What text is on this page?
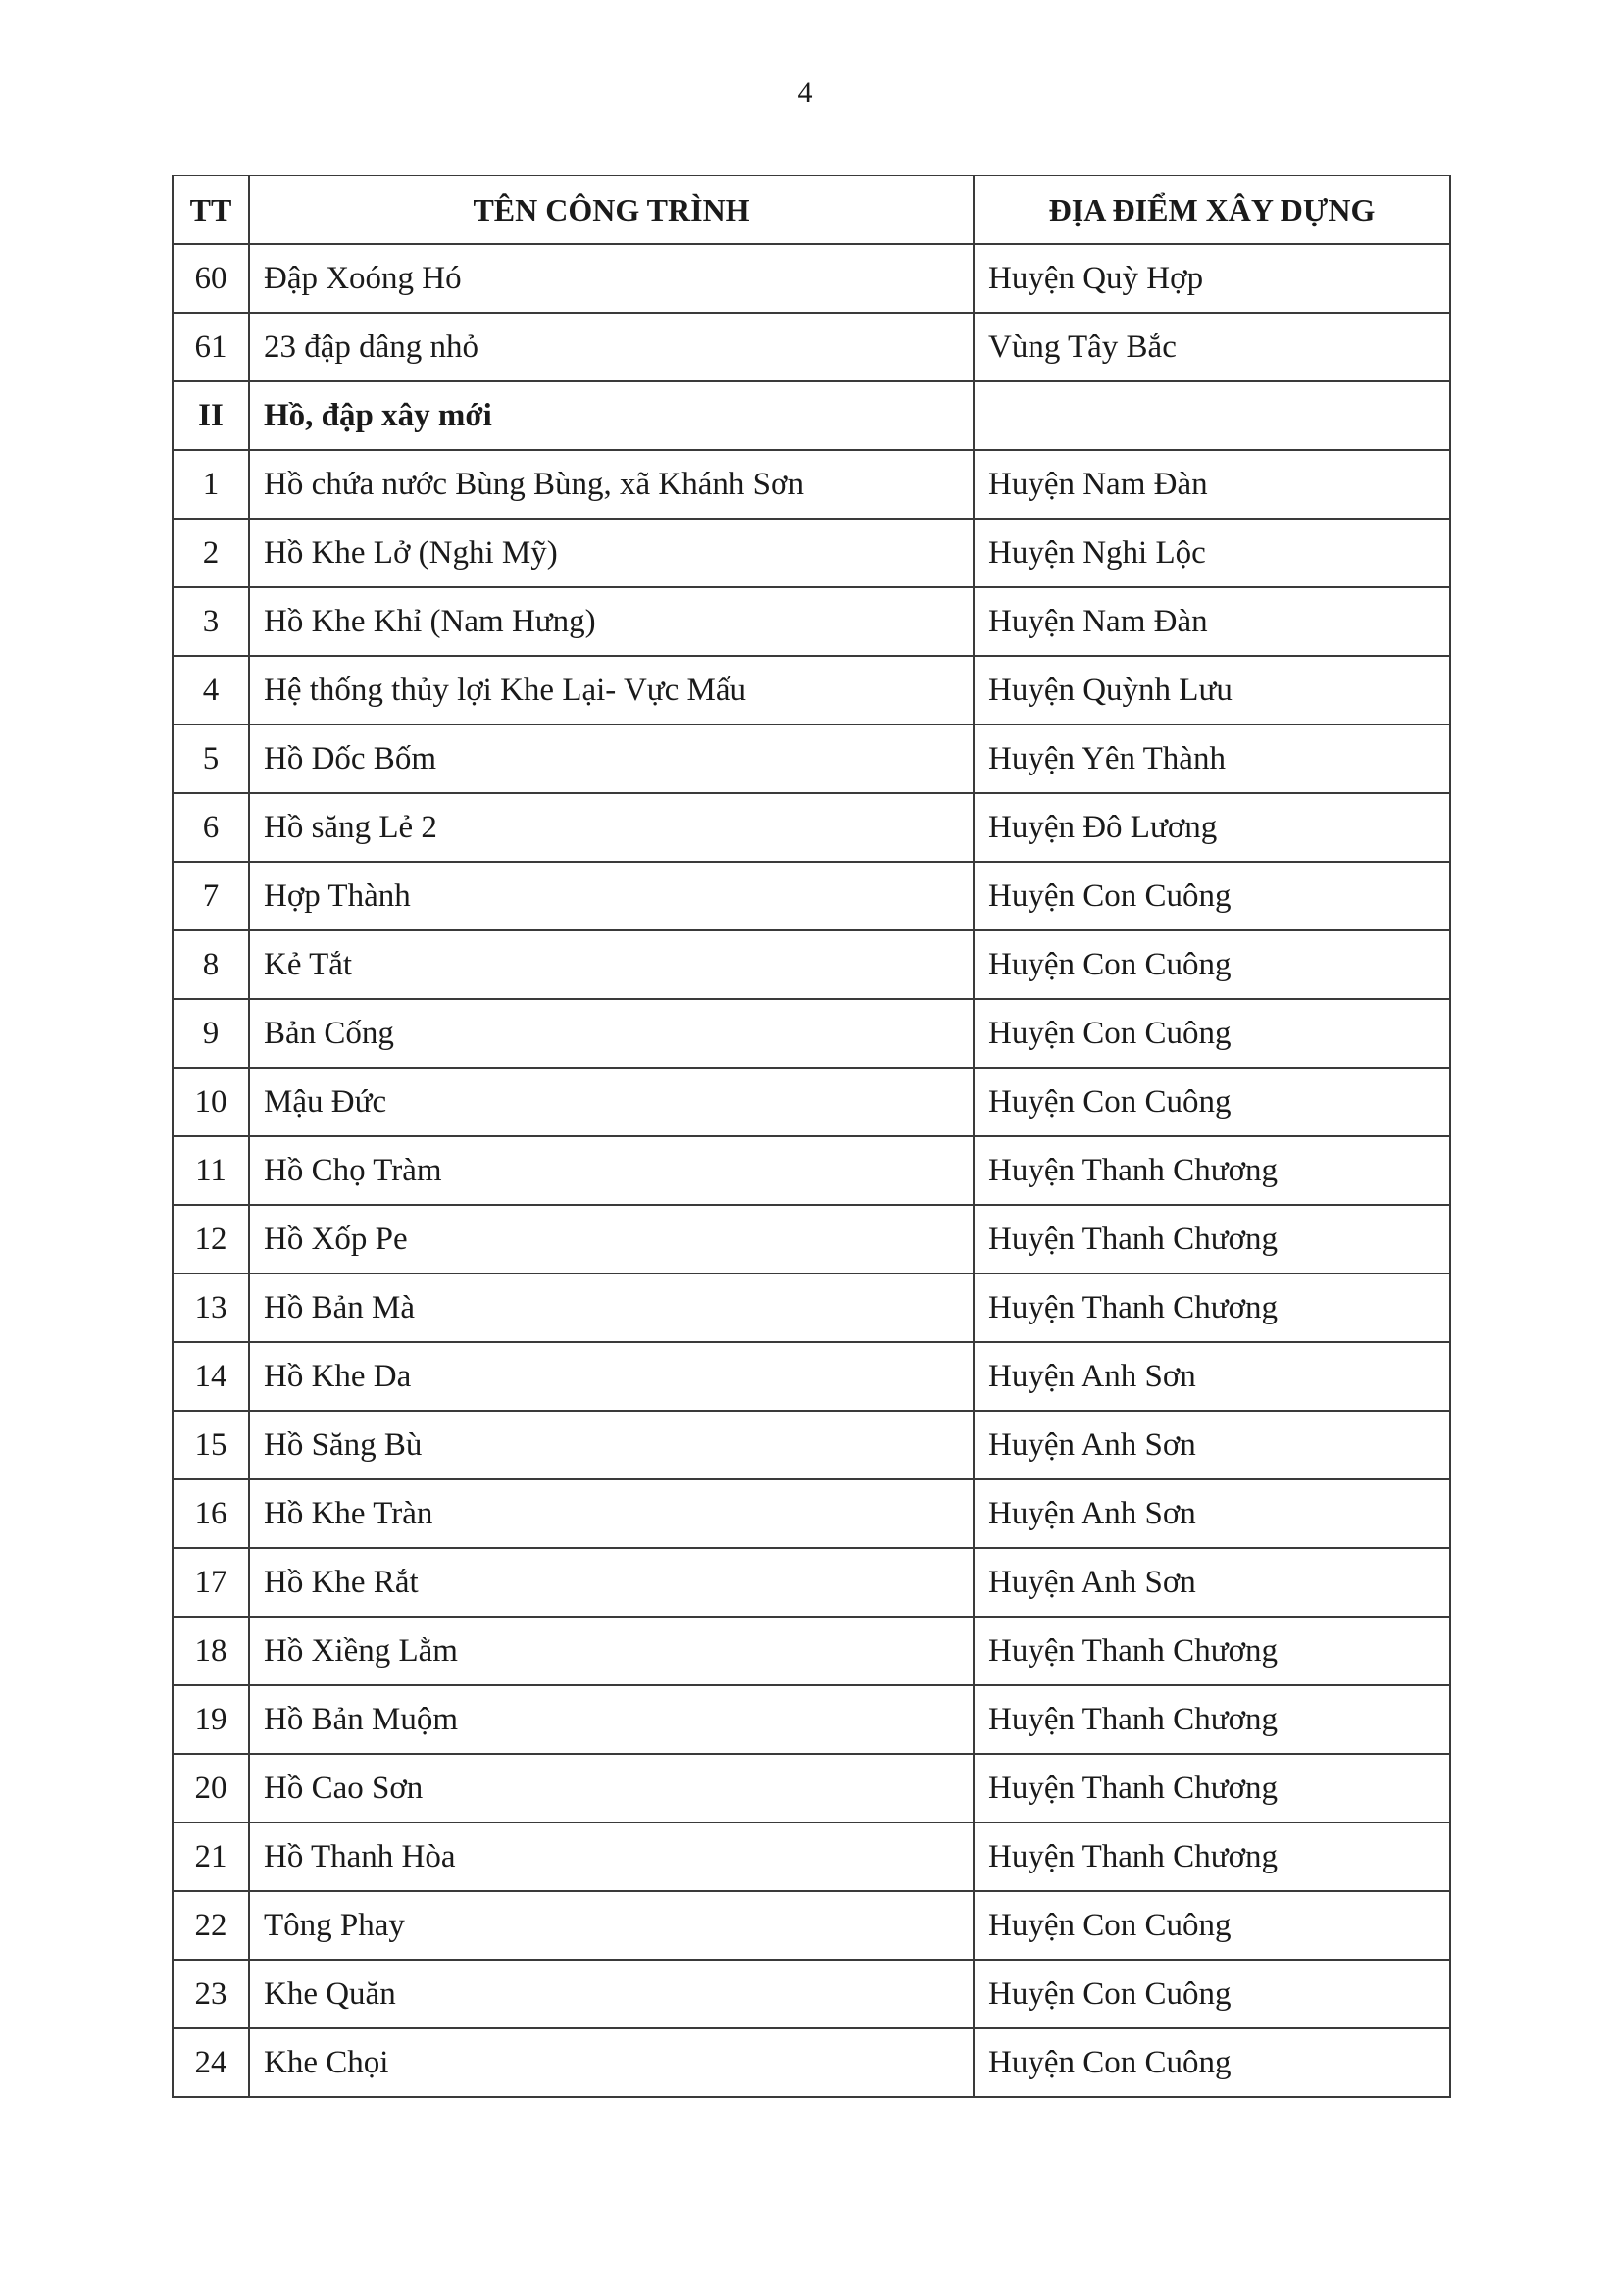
4
TT	TÊN CÔNG TRÌNH	ĐỊA ĐIỂM XÂY DỰNG
60	Đập Xoóng Hó	Huyện Quỳ Hợp
61	23 đập dâng nhỏ	Vùng Tây Bắc
II	Hồ, đập xây mới	
1	Hồ chứa nước Bùng Bùng, xã Khánh Sơn	Huyện Nam Đàn
2	Hồ Khe Lở (Nghi Mỹ)	Huyện Nghi Lộc
3	Hồ Khe Khỉ (Nam Hưng)	Huyện Nam Đàn
4	Hệ thống thủy lợi Khe Lại- Vực Mấu	Huyện Quỳnh Lưu
5	Hồ Dốc Bốm	Huyện Yên Thành
6	Hồ săng Lẻ 2	Huyện Đô Lương
7	Hợp Thành	Huyện Con Cuông
8	Kẻ Tắt	Huyện Con Cuông
9	Bản Cống	Huyện Con Cuông
10	Mậu Đức	Huyện Con Cuông
11	Hồ Chọ Tràm	Huyện Thanh Chương
12	Hồ Xốp Pe	Huyện Thanh Chương
13	Hồ Bản Mà	Huyện Thanh Chương
14	Hồ Khe Da	Huyện Anh Sơn
15	Hồ Săng Bù	Huyện Anh Sơn
16	Hồ Khe Tràn	Huyện Anh Sơn
17	Hồ Khe Rắt	Huyện Anh Sơn
18	Hồ Xiềng Lằm	Huyện Thanh Chương
19	Hồ Bản Muộm	Huyện Thanh Chương
20	Hồ Cao Sơn	Huyện Thanh Chương
21	Hồ Thanh Hòa	Huyện Thanh Chương
22	Tông Phay	Huyện Con Cuông
23	Khe Quăn	Huyện Con Cuông
24	Khe Chọi	Huyện Con Cuông
